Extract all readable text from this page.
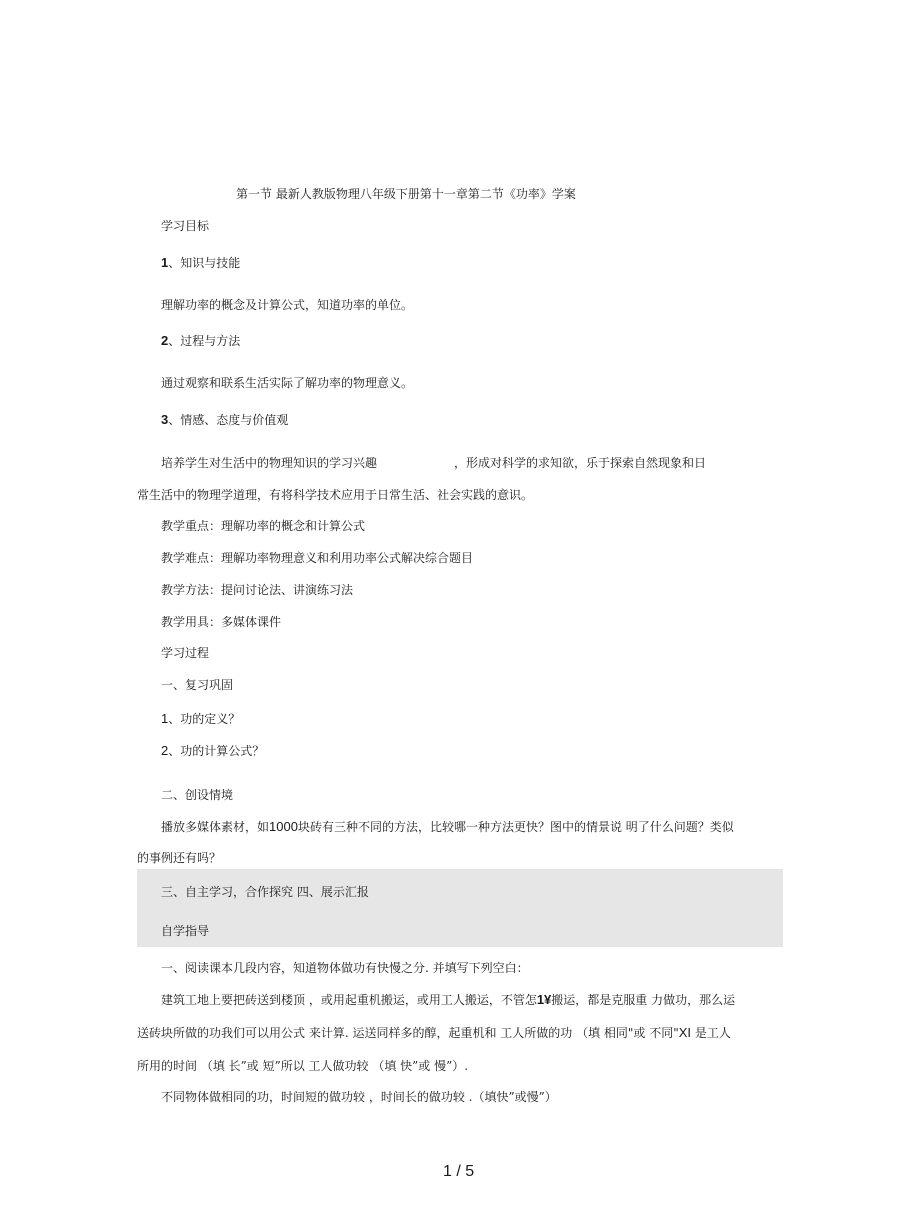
第一节 最新人教版物理八年级下册第十一章第二节《功率》学案
学习目标
1、知识与技能
理解功率的概念及计算公式，知道功率的单位。
2、过程与方法
通过观察和联系生活实际了解功率的物理意义。
3、情感、态度与价值观
培养学生对生活中的物理知识的学习兴趣	，形成对科学的求知欲，乐于探索自然现象和日
常生活中的物理学道理，有将科学技术应用于日常生活、社会实践的意识。
教学重点：理解功率的概念和计算公式
教学难点：理解功率物理意义和利用功率公式解决综合题目
教学方法：提问讨论法、讲演练习法
教学用具：多媒体课件
学习过程
一、复习巩固
1、功的定义？
2、功的计算公式？
二、创设情境
播放多媒体素材，如1000块砖有三种不同的方法，比较哪一种方法更快？图中的情景说 明了什么问题？类似
的事例还有吗？
三、自主学习，合作探究 四、展示汇报
自学指导
一、阅读课本几段内容，知道物体做功有快慢之分. 并填写下列空白：
建筑工地上要把砖送到楼顶 ，或用起重机搬运，或用工人搬运，不管怎1¥搬运，都是克服重 力做功，那么运
送砖块所做的功我们可以用公式 来计算. 运送同样多的醇，起重机和 工人所做的功 （填 相同"或 不同"XI 是工人
所用的时间 （填 长”或 短”所以 工人做功较 （填 快”或 慢”）.
不同物体做相同的功，时间短的做功较 ，时间长的做功较 .（填快”或慢”）
1 / 5
